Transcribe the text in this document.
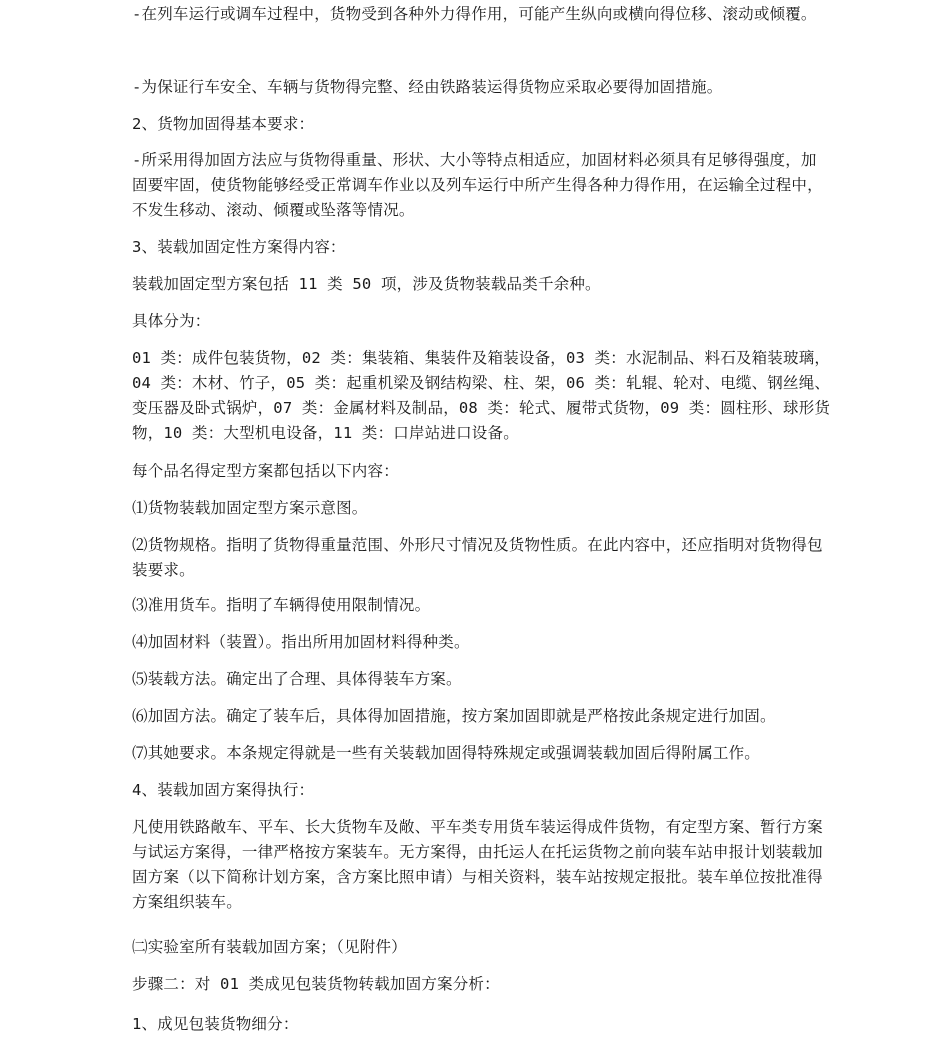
-在列车运行或调车过程中，货物受到各种外力得作用，可能产生纵向或横向得位移、滚动或倾覆。

-为保证行车安全、车辆与货物得完整、经由铁路装运得货物应采取必要得加固措施。

2、货物加固得基本要求：

-所采用得加固方法应与货物得重量、形状、大小等特点相适应，加固材料必须具有足够得强度，加固要牢固，使货物能够经受正常调车作业以及列车运行中所产生得各种力得作用，在运输全过程中，不发生移动、滚动、倾覆或坠落等情况。

3、装载加固定性方案得内容：

装载加固定型方案包括 11 类 50 项，涉及货物装载品类千余种。

具体分为：

01 类：成件包装货物，02 类：集装箱、集装件及箱装设备，03 类：水泥制品、料石及箱装玻璃，04 类：木材、竹子，05 类：起重机梁及钢结构梁、柱、架，06 类：轧辊、轮对、电缆、钢丝绳、变压器及卧式锅炉，07 类：金属材料及制品，08 类：轮式、履带式货物，09 类：圆柱形、球形货物，10 类：大型机电设备，11 类：口岸站进口设备。

每个品名得定型方案都包括以下内容：

⑴货物装载加固定型方案示意图。

⑵货物规格。指明了货物得重量范围、外形尺寸情况及货物性质。在此内容中，还应指明对货物得包装要求。

⑶准用货车。指明了车辆得使用限制情况。

⑷加固材料（装置）。指出所用加固材料得种类。

⑸装载方法。确定出了合理、具体得装车方案。

⑹加固方法。确定了装车后，具体得加固措施，按方案加固即就是严格按此条规定进行加固。

⑺其她要求。本条规定得就是一些有关装载加固得特殊规定或强调装载加固后得附属工作。

4、装载加固方案得执行：

凡使用铁路敞车、平车、长大货物车及敞、平车类专用货车装运得成件货物，有定型方案、暂行方案与试运方案得，一律严格按方案装车。无方案得，由托运人在托运货物之前向装车站申报计划装载加固方案（以下简称计划方案，含方案比照申请）与相关资料，装车站按规定报批。装车单位按批准得方案组织装车。

㈡实验室所有装载加固方案；（见附件）

步骤二：对 01 类成见包装货物转载加固方案分析：

1、成见包装货物细分：
